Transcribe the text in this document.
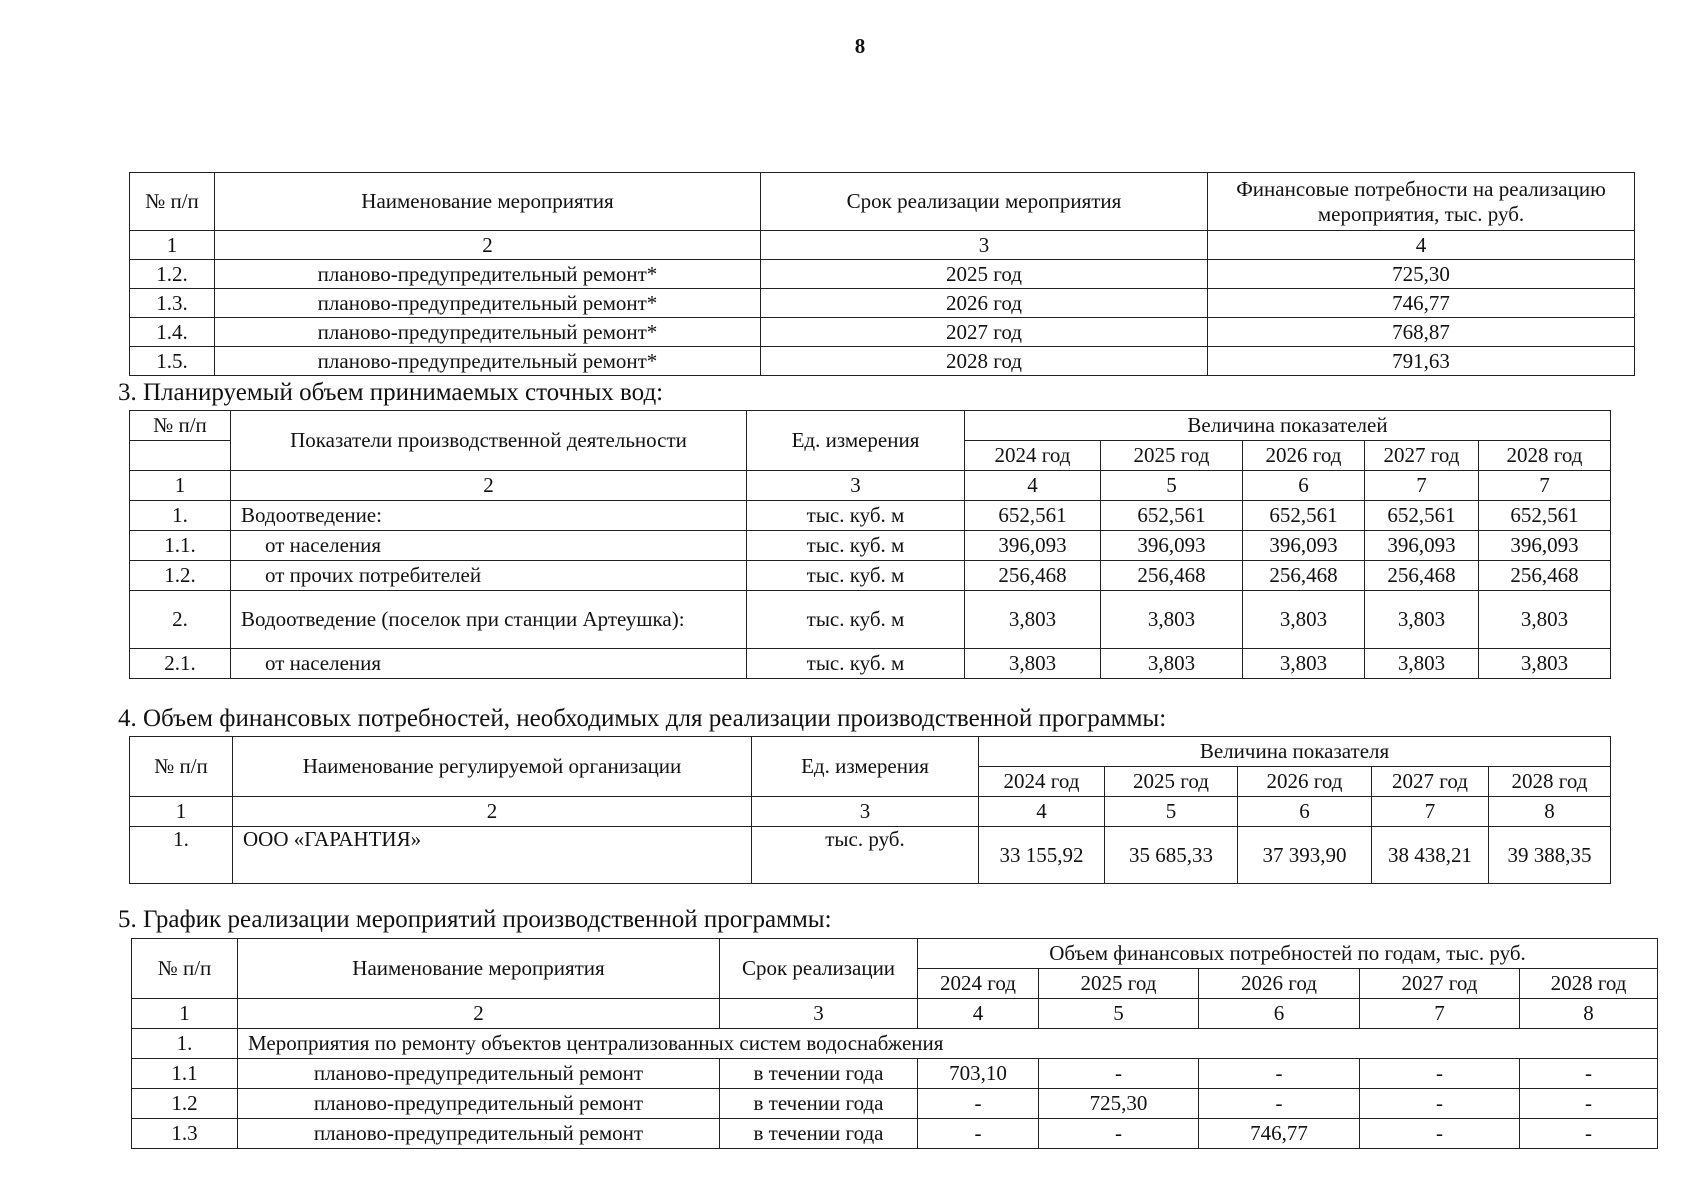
8
№ п/п	Наименование мероприятия	Срок реализации мероприятия	Финансовые потребности на реализацию мероприятия, тыс. руб.
1	2	3	4
1.2.	планово-предупредительный ремонт*	2025 год	725,30
1.3.	планово-предупредительный ремонт*	2026 год	746,77
1.4.	планово-предупредительный ремонт*	2027 год	768,87
1.5.	планово-предупредительный ремонт*	2028 год	791,63
3. Планируемый объем принимаемых сточных вод:
№ п/п	Показатели производственной деятельности	Ед. измерения	Величина показателей				
			2024 год	2025 год	2026 год	2027 год	2028 год
1	2	3	4	5	6	7	7
1.	Водоотведение:	тыс. куб. м	652,561	652,561	652,561	652,561	652,561
1.1.	от населения	тыс. куб. м	396,093	396,093	396,093	396,093	396,093
1.2.	от прочих потребителей	тыс. куб. м	256,468	256,468	256,468	256,468	256,468
2.	Водоотведение (поселок при станции Артеушка):	тыс. куб. м	3,803	3,803	3,803	3,803	3,803
2.1.	от населения	тыс. куб. м	3,803	3,803	3,803	3,803	3,803
4. Объем финансовых потребностей, необходимых для реализации производственной программы:
№ п/п	Наименование регулируемой организации	Ед. измерения	Величина показателя				
			2024 год	2025 год	2026 год	2027 год	2028 год
1	2	3	4	5	6	7	8
1.	ООО «ГАРАНТИЯ»	тыс. руб.	33 155,92	35 685,33	37 393,90	38 438,21	39 388,35
5. График реализации мероприятий производственной программы:
№ п/п	Наименование мероприятия	Срок реализации	Объем финансовых потребностей по годам, тыс. руб.				
			2024 год	2025 год	2026 год	2027 год	2028 год
1	2	3	4	5	6	7	8
1.	Мероприятия по ремонту объектов централизованных систем водоснабжения						
1.1	планово-предупредительный ремонт	в течении года	703,10	-	-	-	-
1.2	планово-предупредительный ремонт	в течении года	-	725,30	-	-	-
1.3	планово-предупредительный ремонт	в течении года	-	-	746,77	-	-
